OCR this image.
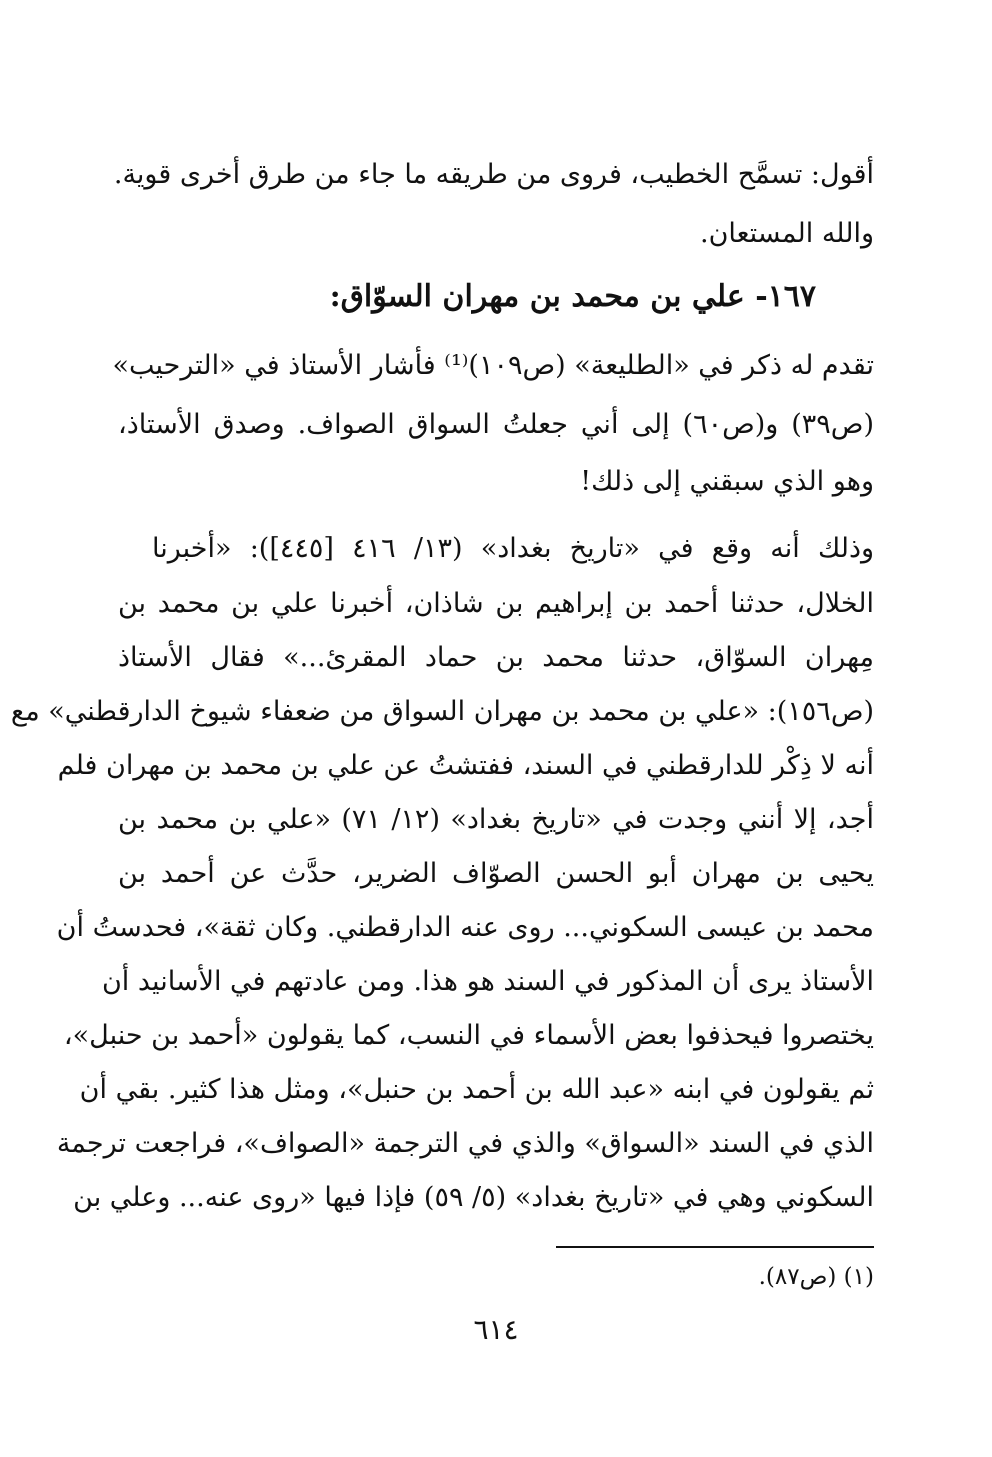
أقول: تسمَّح الخطيب، فروى من طريقه ما جاء من طرق أخرى قوية.
والله المستعان.
١٦٧- علي بن محمد بن مهران السوّاق:
تقدم له ذكر في «الطليعة» (ص١٠٩)⁽¹⁾ فأشار الأستاذ في «الترحيب»
(ص٣٩) و(ص٦٠) إلى أني جعلتُ السواق الصواف. وصدق الأستاذ،
وهو الذي سبقني إلى ذلك!
وذلك أنه وقع في «تاريخ بغداد» (١٣/ ٤١٦ [٤٤٥]): «أخبرنا
الخلال، حدثنا أحمد بن إبراهيم بن شاذان، أخبرنا علي بن محمد بن
مِهران السوّاق، حدثنا محمد بن حماد المقرئ...» فقال الأستاذ
(ص١٥٦): «علي بن محمد بن مهران السواق من ضعفاء شيوخ الدارقطني» مع
أنه لا ذِكْر للدارقطني في السند، ففتشتُ عن علي بن محمد بن مهران فلم
أجد، إلا أنني وجدت في «تاريخ بغداد» (١٢/ ٧١) «علي بن محمد بن
يحيى بن مهران أبو الحسن الصوّاف الضرير، حدَّث عن أحمد بن
محمد بن عيسى السكوني... روى عنه الدارقطني. وكان ثقة»، فحدستُ أن
الأستاذ يرى أن المذكور في السند هو هذا. ومن عادتهم في الأسانيد أن
يختصروا فيحذفوا بعض الأسماء في النسب، كما يقولون «أحمد بن حنبل»،
ثم يقولون في ابنه «عبد الله بن أحمد بن حنبل»، ومثل هذا كثير. بقي أن
الذي في السند «السواق» والذي في الترجمة «الصواف»، فراجعت ترجمة
السكوني وهي في «تاريخ بغداد» (٥/ ٥٩) فإذا فيها «روى عنه... وعلي بن
(١) (ص٨٧).
٦١٤
